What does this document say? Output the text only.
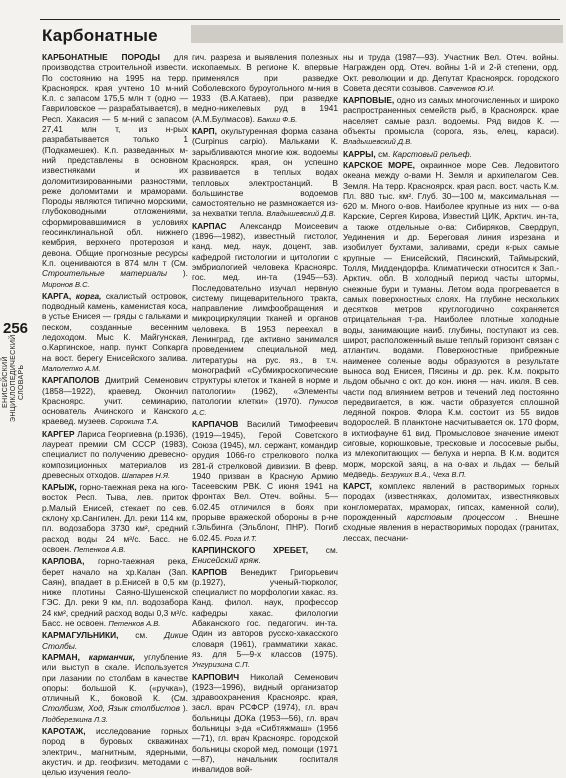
Карбонатные
256
ЕНИСЕЙСКИЙ ЭНЦИКЛОПЕДИЧЕСКИЙ СЛОВАРЬ

КАРБОНАТНЫЕ ПОРОДЫ для производства строительной извести. По состоянию на 1995 на терр. Красноярск. края учтено 10 м-ний К.п. с запасом 175,5 млн т (одно — Гавриловское — разрабатывается), в Респ. Хакасия — 5 м-ний с запасом 27,41 млн т, из н-рых разрабатывается только 1 (Подкамешек). К.п. разведанных м-ний представлены в основном известняками и их доломитизированными разностями, реже доломитами и мраморами. Породы являются типично морскими, глубоководными отложениями, сформировавшимися в условиях геосинклинальной обл. нижнего кембрия, верхнего протерозоя и девона. Общие прогнозные ресурсы К.п. оцениваются в 874 млн т (См. Строительные материалы ). Миронов В.С.

КАРГА, корга, скалистый островок, подводный камень, каменистая коса, в устье Енисея — гряды с гальками и песком, созданные весенним ледоходом. Мыс К. Майгунская, о.Каргинское, напр. пункт Сопкарга на вост. берегу Енисейского залива. Малолетко А.М.

КАРГАПОЛОВ Дмитрий Семенович (1858—1922), краевед. Окончил Красноярс. учит. семинарию, основатель Ачинского и Канского краевед. музеев. Сорокина Т.А.

КАРГЕР Лариса Георгиевна (р.1936), лауреат премии СМ СССР (1983), специалист по получению древесно-композиционных материалов из древесных отходов. Шапарев Н.Я.

КАРЫЖ, горно-таежная река на юго-восток Респ. Тыва, лев. приток р.Малый Енисей, стекает по сев. склону хр.Сангилен. Дл. реки 114 км, пл. водозабора 3730 км², средний расход воды 24 м³/с. Басс. не освоен. Петенков А.В.

КАРЛОВА, горно-таежная река, берет начало на хр.Калан (Зап. Саян), впадает в р.Енисей в 0,5 км ниже плотины Саяно-Шушенской ГЭС. Дл. реки 9 км, пл. водозабора 24 км², средний расход воды 0,3 м³/с. Басс. не освоен. Петенков А.В.

КАРМАГУЛЬНИКИ, см. Дикие Столбы.

КАРМАН, карманчик, углубление или выступ в скале. Используется при лазании по столбам в качестве опоры: большой К. («ручка»), отличный К., боковой К. (См. Столбизм, Ход, Язык столбистов ). Подберезкина Л.З.

КАРОТАЖ, исследование горных пород в буровых скважинах электрич., магнитным, ядерными, акустич. и др. геофизич. методами с целью изучения геоло-

гич. разреза и выявления полезных ископаемых. В регионе К. впервые применялся при разведке Соболевского буроугольного м-ния в 1933 (В.А.Катаев), при разведке медно-никелевых руд в 1941 (А.М.Булмасов). Бакиш Ф.Б.

КАРП, окультуренная форма сазана (Curpinus carpio). Мальками К. зарыбливаются многие юж. водоемы Красноярск. края, он успешно развивается в теплых водах тепловых электростанций. В большинстве водоемов самостоятельно не размножается из-за нехватки тепла. Владышевский Д.В.

КАРПАС Александр Моисеевич (1896—1982), известный гистолог, канд. мед. наук, доцент, зав. кафедрой гистологии и цитологии с эмбриологией человека Красноярс. гос. мед. ин-та (1945—53). Последовательно изучал нервную систему пищеварительного тракта, направление лимфообращения и микроциркуляции тканей и органов человека. В 1953 переехал в Ленинград, где активно занимался проведением специальной мед. литературы на рус. яз., в т.ч. монографий «Субмикроскопические структуры клеток и тканей в норме и патологии» (1962), «Элементы патологии клетки» (1970). Пунисов А.С.

КАРПАЧОВ Василий Тимофеевич (1919—1945), Герой Советского Союза (1945), мл. сержант, командир орудия 1066-го стрелкового полка 281-й стрелковой дивизии. В февр. 1940 призван в Красную Армию Тасеевским РВК. С июня 1941 на фронтах Вел. Отеч. войны. 5—6.02.45 отличился в боях при прорыве вражеской обороны в р-не г.Эльбинга (Эльблонг, ПНР). Погиб 6.02.45. Рога И.Т.

КАРПИНСКОГО ХРЕБЕТ, см. Енисейский кряж.

КАРПОВ Венедикт Григорьевич (р.1927), ученый-тюрколог, специалист по морфологии хакас. яз. Канд. филол. наук, профессор кафедры хакас. филологии Абаканского гос. педагогич. ин-та. Один из авторов русско-хакасского словаря (1961), грамматики хакас. яз. для 5—9-х классов (1975). Унгуризина С.П.

КАРПОВИЧ Николай Семенович (1923—1996), видный организатор здравоохранения Красноярс. края, засл. врач РСФСР (1974), гл. врач больницы ДОКа (1953—56), гл. врач больницы з-да «Сибтяжмаш» (1956—71), гл. врач Красноярс. городской больницы скорой мед. помощи (1971—87), начальник госпиталя инвалидов вой-

ны и труда (1987—93). Участник Вел. Отеч. войны. Награжден орд. Отеч. войны 1-й и 2-й степени, орд. Окт. революции и др. Депутат Красноярск. городского Совета десяти созывов. Савченков Ю.И.

КАРПОВЫЕ, одно из самых многочисленных и широко распространенных семейств рыб, в Красноярск. крае населяет самые разл. водоемы. Ряд видов К. — объекты промысла (сорога, язь, елец, караси). Владышевский Д.В.

КАРРЫ, см. Карстовый рельеф.

КАРСКОЕ МОРЕ, окраинное море Сев. Ледовитого океана между о-вами Н. Земля и архипелагом Сев. Земля. На терр. Красноярск. края расп. вост. часть К.м. Пл. 880 тыс. км². Глуб. 30—100 м, максимальная — 620 м. Много о-вов. Наиболее крупные из них — о-ва Карские, Сергея Кирова, Известий ЦИК, Арктич. ин-та, а также отдельные о-ва: Сибиряков, Свердруп, Уединения и др. Береговая линия изрезана и изобилует бухтами, заливами, среди к-рых самые крупные — Енисейский, Пясинский, Таймырский, Толля, Миддендорфа. Климатически относится к Зап.-Арктич. обл. В холодный период часты штормы, снежные бури и туманы. Летом вода прогревается в самых поверхностных слоях. На глубине нескольких десятков метров круглогодично сохраняется отрицательная т-ра. Наиболее плотные холодные воды, занимающие наиб. глубины, поступают из сев. широт, расположенный выше теплый горизонт связан с атлантич. водами. Поверхностные прибрежные наименее соленые воды образуются в результате выноса вод Енисея, Пясины и др. рек. К.м. покрыто льдом обычно с окт. до кон. июня — нач. июля. В сев. части под влиянием ветров и течений лед постоянно передвигается, в юж. части образуется сплошной ледяной покров. Флора К.м. состоит из 55 видов водорослей. В планктоне насчитывается ок. 170 форм, в ихтиофауне 61 вид. Промысловое значение имеют сиговые, корюшковые, тресковые и лососевые рыбы, из млекопитающих — белуха и нерпа. В К.м. водится морж, морской заяц, а на о-вах и льдах — белый медведь. Безруких В.А., Чеха В.П.

КАРСТ, комплекс явлений в растворимых горных породах (известняках, доломитах, известняковых конгломератах, мраморах, гипсах, каменной соли), порожденный карстовым процессом . Внешне сходные явления в нерастворимых породах (гранитах, лессах, песчани-
